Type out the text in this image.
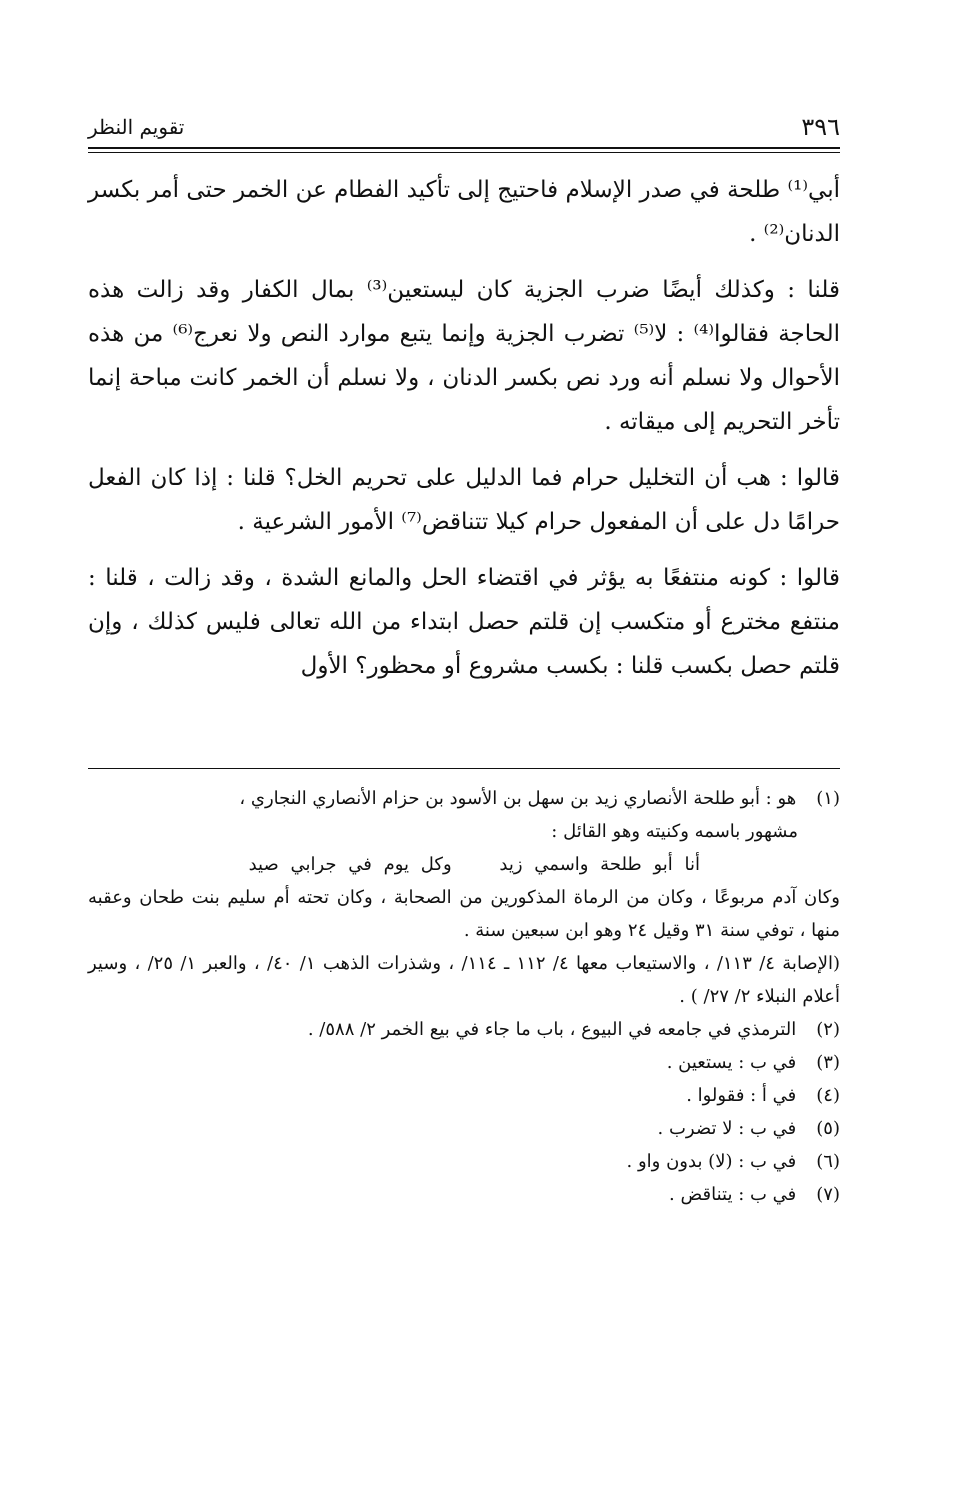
٣٩٦
تقويم النظر

أبي⁽¹⁾ طلحة في صدر الإسلام فاحتيج إلى تأكيد الفطام عن الخمر حتى أمر بكسر الدنان⁽²⁾ .

قلنا : وكذلك أيضًا ضرب الجزية كان ليستعين⁽³⁾ بمال الكفار وقد زالت هذه الحاجة فقالوا⁽⁴⁾ : لا⁽⁵⁾ تضرب الجزية وإنما يتبع موارد النص ولا نعرج⁽⁶⁾ من هذه الأحوال ولا نسلم أنه ورد نص بكسر الدنان ، ولا نسلم أن الخمر كانت مباحة إنما تأخر التحريم إلى ميقاته .

قالوا : هب أن التخليل حرام فما الدليل على تحريم الخل؟ قلنا : إذا كان الفعل حرامًا دل على أن المفعول حرام كيلا تتناقض⁽⁷⁾ الأمور الشرعية .

قالوا : كونه منتفعًا به يؤثر في اقتضاء الحل والمانع الشدة ، وقد زالت ، قلنا : منتفع مخترع أو متكسب إن قلتم حصل ابتداء من الله تعالى فليس كذلك ، وإن قلتم حصل بكسب قلنا : بكسب مشروع أو محظور؟ الأول

(١) هو : أبو طلحة الأنصاري زيد بن سهل بن الأسود بن حزام الأنصاري النجاري ،

مشهور باسمه وكنيته وهو القائل :

أنا أبو طلحة واسمي زيد وكل يوم في جرابي صيد

وكان آدم مربوعًا ، وكان من الرماة المذكورين من الصحابة ، وكان تحته أم سليم بنت طحان وعقبه منها ، توفي سنة ٣١ وقيل ٢٤ وهو ابن سبعين سنة .

(الإصابة ٤/ ١١٣/ ، والاستيعاب معها ٤/ ١١٢ ـ ١١٤/ ، وشذرات الذهب ١/ ٤٠/ ، والعبر ١/ ٢٥/ ، وسير أعلام النبلاء ٢/ ٢٧/ ) .

(٢) الترمذي في جامعه في البيوع ، باب ما جاء في بيع الخمر ٢/ ٥٨٨/ .

(٣) في ب : يستعين .

(٤) في أ : فقولوا .

(٥) في ب : لا تضرب .

(٦) في ب : (لا) بدون واو .

(٧) في ب : يتناقض .
